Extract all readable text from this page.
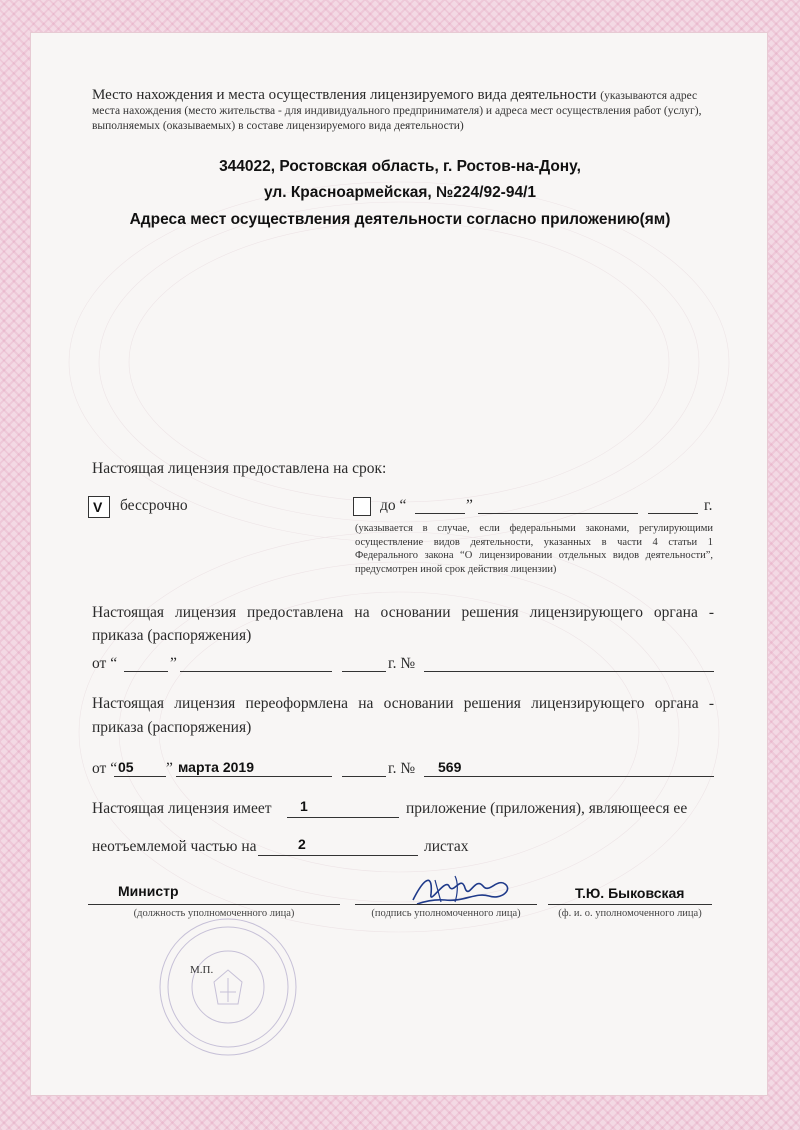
Место нахождения и места осуществления лицензируемого вида деятельности (указываются адрес
места нахождения (место жительства - для индивидуального предпринимателя) и адреса мест осуществления работ (услуг),
выполняемых (оказываемых) в составе лицензируемого вида деятельности)
344022, Ростовская область, г. Ростов-на-Дону,
ул. Красноармейская, №224/92-94/1
Адреса мест осуществления деятельности согласно приложению(ям)
Настоящая лицензия предоставлена на срок:
V бессрочно	до “	”	г.
(указывается в случае, если федеральными законами, регулирующими осуществление видов деятельности, указанных в части 4 статьи 1 Федерального закона “О лицензировании отдельных видов деятельности”, предусмотрен иной срок действия лицензии)
Настоящая лицензия предоставлена на основании решения лицензирующего органа -
приказа (распоряжения)
от “	”	г. №
Настоящая лицензия переоформлена на основании решения лицензирующего органа -
приказа (распоряжения)
от “ 05 ” марта 2019	г. № 569
Настоящая лицензия имеет 1	приложение (приложения), являющееся ее
неотъемлемой частью на	2	листах
Министр
(должность уполномоченного лица)	(подпись уполномоченного лица)
Т.Ю. Быковская
(ф. и. о. уполномоченного лица)
М.П.
